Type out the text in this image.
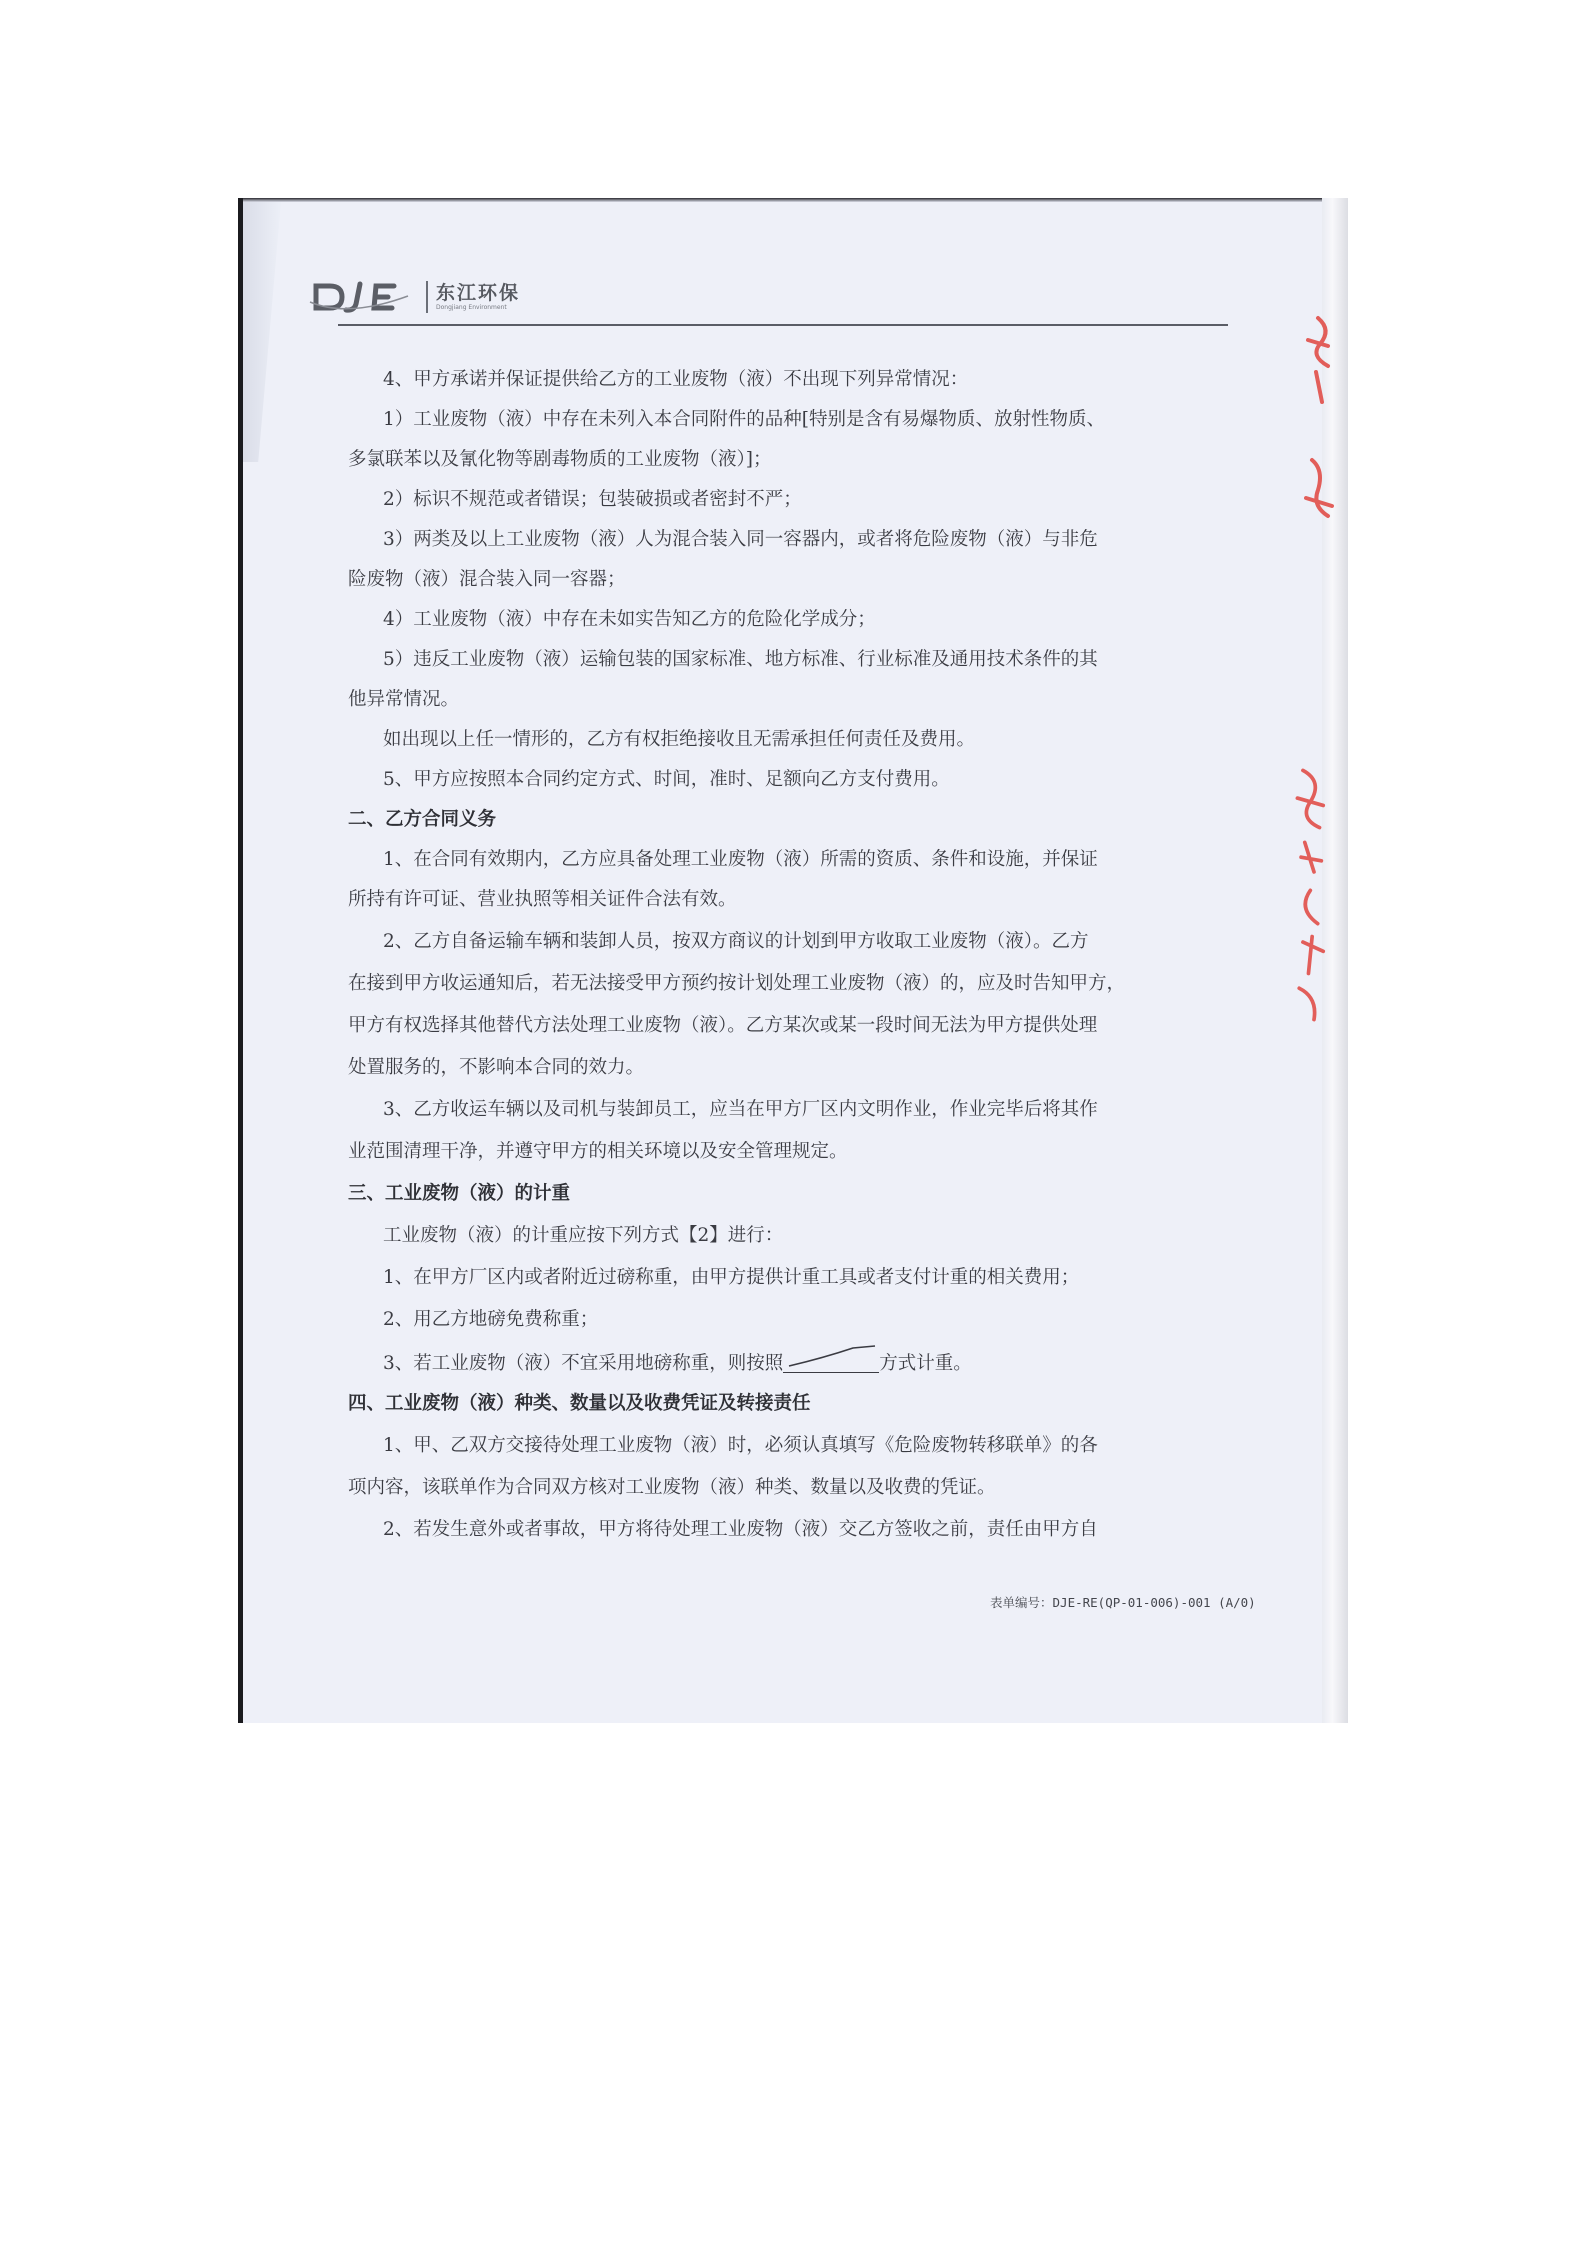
东江环保
Dongjiang Environment
4、甲方承诺并保证提供给乙方的工业废物（液）不出现下列异常情况：
1）工业废物（液）中存在未列入本合同附件的品种[特别是含有易爆物质、放射性物质、
多氯联苯以及氰化物等剧毒物质的工业废物（液）]；
2）标识不规范或者错误；包装破损或者密封不严；
3）两类及以上工业废物（液）人为混合装入同一容器内，或者将危险废物（液）与非危
险废物（液）混合装入同一容器；
4）工业废物（液）中存在未如实告知乙方的危险化学成分；
5）违反工业废物（液）运输包装的国家标准、地方标准、行业标准及通用技术条件的其
他异常情况。
如出现以上任一情形的，乙方有权拒绝接收且无需承担任何责任及费用。
5、甲方应按照本合同约定方式、时间，准时、足额向乙方支付费用。
二、乙方合同义务
1、在合同有效期内，乙方应具备处理工业废物（液）所需的资质、条件和设施，并保证
所持有许可证、营业执照等相关证件合法有效。
2、乙方自备运输车辆和装卸人员，按双方商议的计划到甲方收取工业废物（液）。乙方
在接到甲方收运通知后，若无法接受甲方预约按计划处理工业废物（液）的，应及时告知甲方，
甲方有权选择其他替代方法处理工业废物（液）。乙方某次或某一段时间无法为甲方提供处理
处置服务的，不影响本合同的效力。
3、乙方收运车辆以及司机与装卸员工，应当在甲方厂区内文明作业，作业完毕后将其作
业范围清理干净，并遵守甲方的相关环境以及安全管理规定。
三、工业废物（液）的计重
工业废物（液）的计重应按下列方式【2】进行：
1、在甲方厂区内或者附近过磅称重，由甲方提供计重工具或者支付计重的相关费用；
2、用乙方地磅免费称重；
3、若工业废物（液）不宜采用地磅称重，则按照	方式计重。
四、工业废物（液）种类、数量以及收费凭证及转接责任
1、甲、乙双方交接待处理工业废物（液）时，必须认真填写《危险废物转移联单》的各
项内容，该联单作为合同双方核对工业废物（液）种类、数量以及收费的凭证。
2、若发生意外或者事故，甲方将待处理工业废物（液）交乙方签收之前，责任由甲方自
表单编号：DJE-RE(QP-01-006)-001 (A/0)
